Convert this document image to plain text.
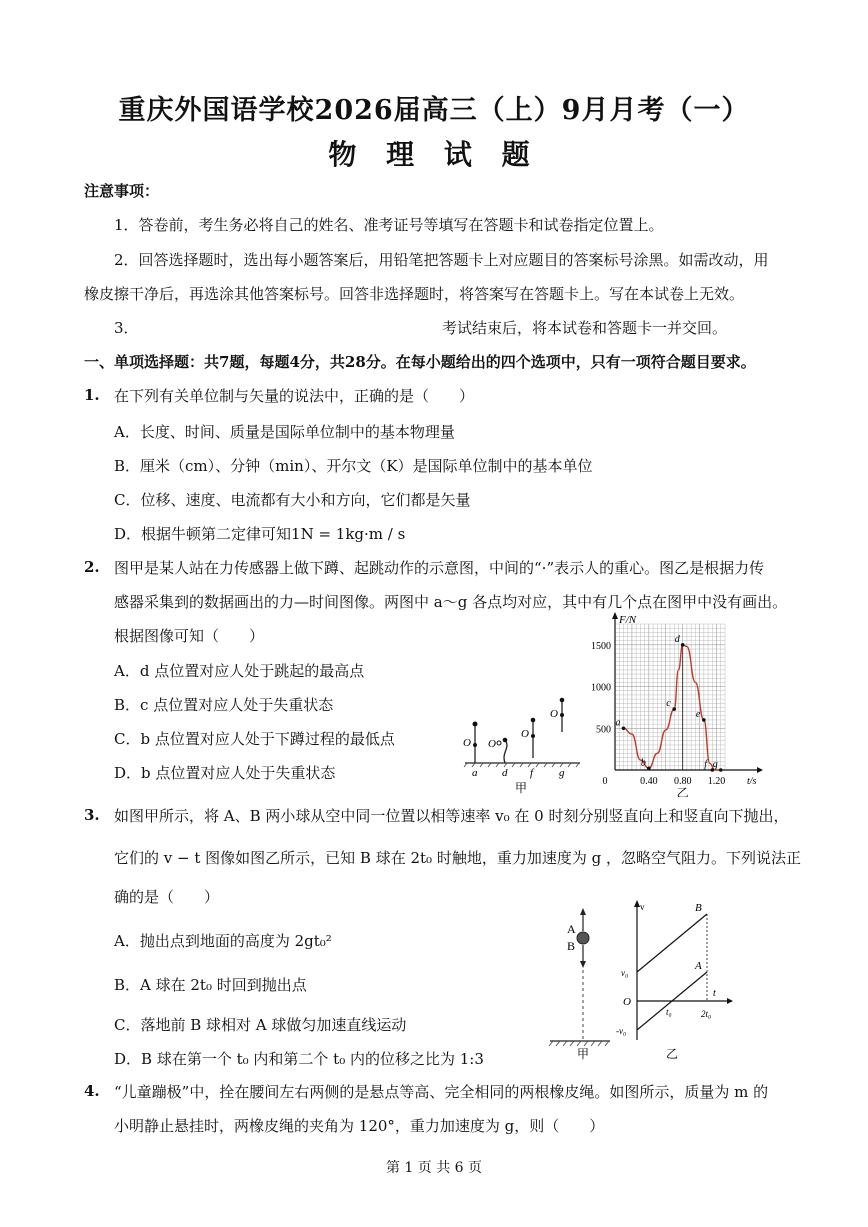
重庆外国语学校2026届高三（上）9月月考（一）
物 理 试 题
注意事项：
1．答卷前，考生务必将自己的姓名、准考证号等填写在答题卡和试卷指定位置上。
2．回答选择题时，选出每小题答案后，用铅笔把答题卡上对应题目的答案标号涂黑。如需改动，用
橡皮擦干净后，再选涂其他答案标号。回答非选择题时，将答案写在答题卡上。写在本试卷上无效。
3．	考试结束后，将本试卷和答题卡一并交回。
一、单项选择题：共7题，每题4分，共28分。在每小题给出的四个选项中，只有一项符合题目要求。
1. 在下列有关单位制与矢量的说法中，正确的是（　　）
A．长度、时间、质量是国际单位制中的基本物理量
B．厘米（cm）、分钟（min）、开尔文（K）是国际单位制中的基本单位
C．位移、速度、电流都有大小和方向，它们都是矢量
D．根据牛顿第二定律可知1N = 1kg·m / s
2. 图甲是某人站在力传感器上做下蹲、起跳动作的示意图，中间的“·”表示人的重心。图乙是根据力传
感器采集到的数据画出的力—时间图像。两图中 a～g 各点均对应，其中有几个点在图甲中没有画出。
根据图像可知（　　）
A．d 点位置对应人处于跳起的最高点
B．c 点位置对应人处于失重状态
C．b 点位置对应人处于下蹲过程的最低点
D．b 点位置对应人处于失重状态
O O
O
O
a d f g
甲
F/N
t/s
500
1000
1500
0	0.40 0.80 1.20
a
b
c
d
e
f g
乙
3. 如图甲所示，将 A、B 两小球从空中同一位置以相等速率 v₀ 在 0 时刻分别竖直向上和竖直向下抛出，
它们的 v − t 图像如图乙所示，已知 B 球在 2t₀ 时触地，重力加速度为 g ，忽略空气阻力。下列说法正
确的是（　　）
A．抛出点到地面的高度为 2gt₀²
B．A 球在 2t₀ 时回到抛出点
C．落地前 B 球相对 A 球做匀加速直线运动
D．B 球在第一个 t₀ 内和第二个 t₀ 内的位移之比为 1:3
A
B
甲
v
t
O
v₀
-v₀
t₀	2t₀
B
A
乙
4. “儿童蹦极”中，拴在腰间左右两侧的是悬点等高、完全相同的两根橡皮绳。如图所示，质量为 m 的
小明静止悬挂时，两橡皮绳的夹角为 120°，重力加速度为 g，则（　　）
第 1 页 共 6 页
